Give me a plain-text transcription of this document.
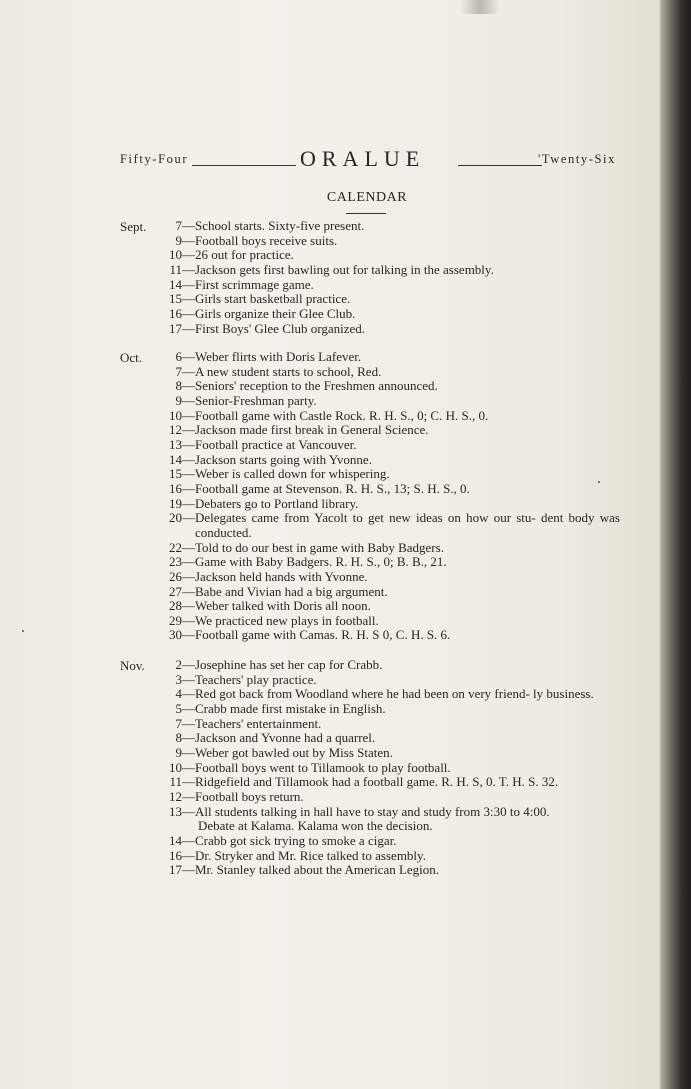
Fifty-Four	ORALUE	'Twenty-Six
CALENDAR
Sept.	7 — School starts. Sixty-five present.
9 — Football boys receive suits.
10 — 26 out for practice.
11 — Jackson gets first bawling out for talking in the assembly.
14 — First scrimmage game.
15 — Girls start basketball practice.
16 — Girls organize their Glee Club.
17 — First Boys' Glee Club organized.
Oct.	6 — Weber flirts with Doris Lafever.
7 — A new student starts to school, Red.
8 — Seniors' reception to the Freshmen announced.
9 — Senior-Freshman party.
10 — Football game with Castle Rock. R. H. S., 0; C. H. S., 0.
12 — Jackson made first break in General Science.
13 — Football practice at Vancouver.
14 — Jackson starts going with Yvonne.
15 — Weber is called down for whispering.
16 — Football game at Stevenson. R. H. S., 13; S. H. S., 0.
19 — Debaters go to Portland library.
20 — Delegates came from Yacolt to get new ideas on how our stu- dent body was conducted.
22 — Told to do our best in game with Baby Badgers.
23 — Game with Baby Badgers. R. H. S., 0; B. B., 21.
26 — Jackson held hands with Yvonne.
27 — Babe and Vivian had a big argument.
28 — Weber talked with Doris all noon.
29 — We practiced new plays in football.
30 — Football game with Camas. R. H. S 0, C. H. S. 6.
Nov.	2 — Josephine has set her cap for Crabb.
3 — Teachers' play practice.
4 — Red got back from Woodland where he had been on very friend- ly business.
5 — Crabb made first mistake in English.
7 — Teachers' entertainment.
8 — Jackson and Yvonne had a quarrel.
9 — Weber got bawled out by Miss Staten.
10 — Football boys went to Tillamook to play football.
11 — Ridgefield and Tillamook had a football game. R. H. S, 0. T. H. S. 32.
12 — Football boys return.
13 — All students talking in hall have to stay and study from 3:30 to 4:00.
Debate at Kalama. Kalama won the decision.
14 — Crabb got sick trying to smoke a cigar.
16 — Dr. Stryker and Mr. Rice talked to assembly.
17 — Mr. Stanley talked about the American Legion.
